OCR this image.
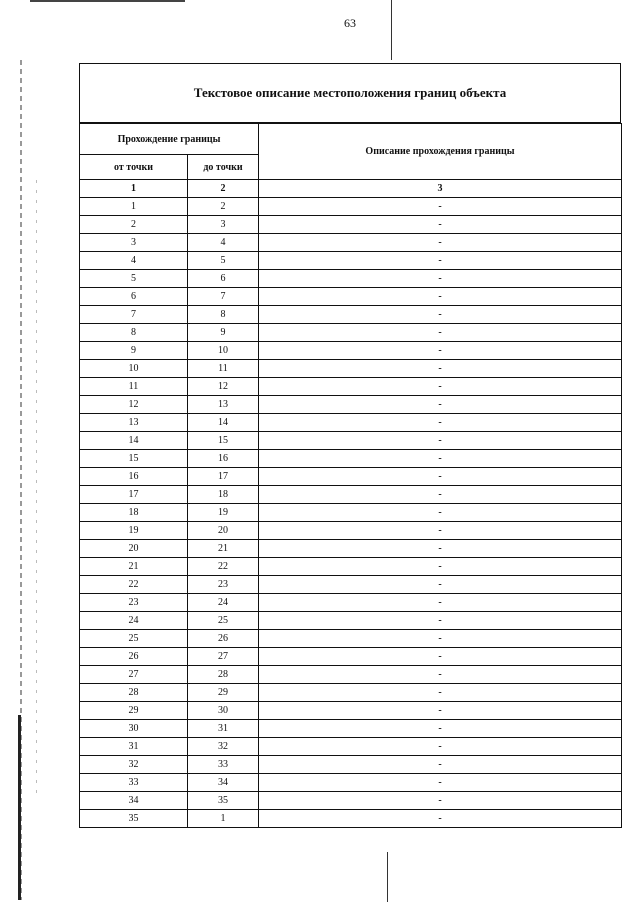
63
Текстовое описание местоположения границ объекта
Прохождение границы		Описание прохождения границы
от точки	до точки	
1	2	3
1	2	-
2	3	-
3	4	-
4	5	-
5	6	-
6	7	-
7	8	-
8	9	-
9	10	-
10	11	-
11	12	-
12	13	-
13	14	-
14	15	-
15	16	-
16	17	-
17	18	-
18	19	-
19	20	-
20	21	-
21	22	-
22	23	-
23	24	-
24	25	-
25	26	-
26	27	-
27	28	-
28	29	-
29	30	-
30	31	-
31	32	-
32	33	-
33	34	-
34	35	-
35	1	-
